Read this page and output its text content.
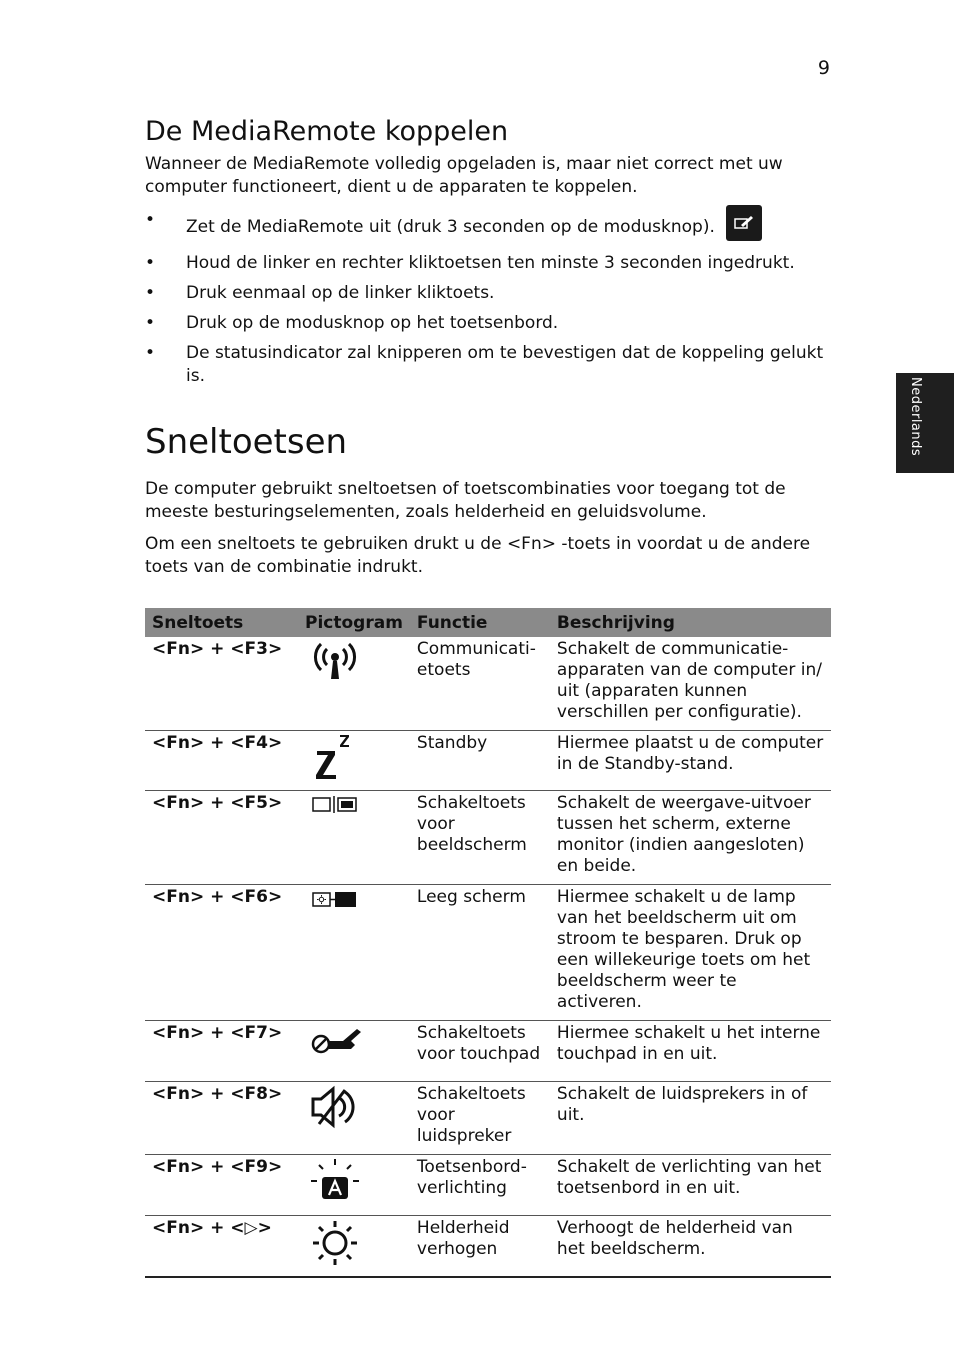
9
Nederlands
De MediaRemote koppelen

Wanneer de MediaRemote volledig opgeladen is, maar niet correct met uw computer functioneert, dient u de apparaten te koppelen.

• Zet de MediaRemote uit (druk 3 seconden op de modusknop).
• Houd de linker en rechter kliktoetsen ten minste 3 seconden ingedrukt.
• Druk eenmaal op de linker kliktoets.
• Druk op de modusknop op het toetsenbord.
• De statusindicator zal knipperen om te bevestigen dat de koppeling gelukt is.
Sneltoetsen

De computer gebruikt sneltoetsen of toetscombinaties voor toegang tot de meeste besturingselementen, zoals helderheid en geluidsvolume.

Om een sneltoets te gebruiken drukt u de <Fn> -toets in voordat u de andere toets van de combinatie indrukt.

Sneltoets	Pictogram	Functie	Beschrijving
<Fn> + <F3>		Communicati-etoets	Schakelt de communicatie-apparaten van de computer in/ uit (apparaten kunnen verschillen per configuratie).
<Fn> + <F4>		Standby	Hiermee plaatst u de computer in de Standby-stand.
<Fn> + <F5>		Schakeltoets voor beeldscherm	Schakelt de weergave-uitvoer tussen het scherm, externe monitor (indien aangesloten) en beide.
<Fn> + <F6>		Leeg scherm	Hiermee schakelt u de lamp van het beeldscherm uit om stroom te besparen. Druk op een willekeurige toets om het beeldscherm weer te activeren.
<Fn> + <F7>		Schakeltoets voor touchpad	Hiermee schakelt u het interne touchpad in en uit.
<Fn> + <F8>		Schakeltoets voor luidspreker	Schakelt de luidsprekers in of uit.
<Fn> + <F9>		Toetsenbord-verlichting	Schakelt de verlichting van het toetsenbord in en uit.
<Fn> + <▷>		Helderheid verhogen	Verhoogt de helderheid van het beeldscherm.
